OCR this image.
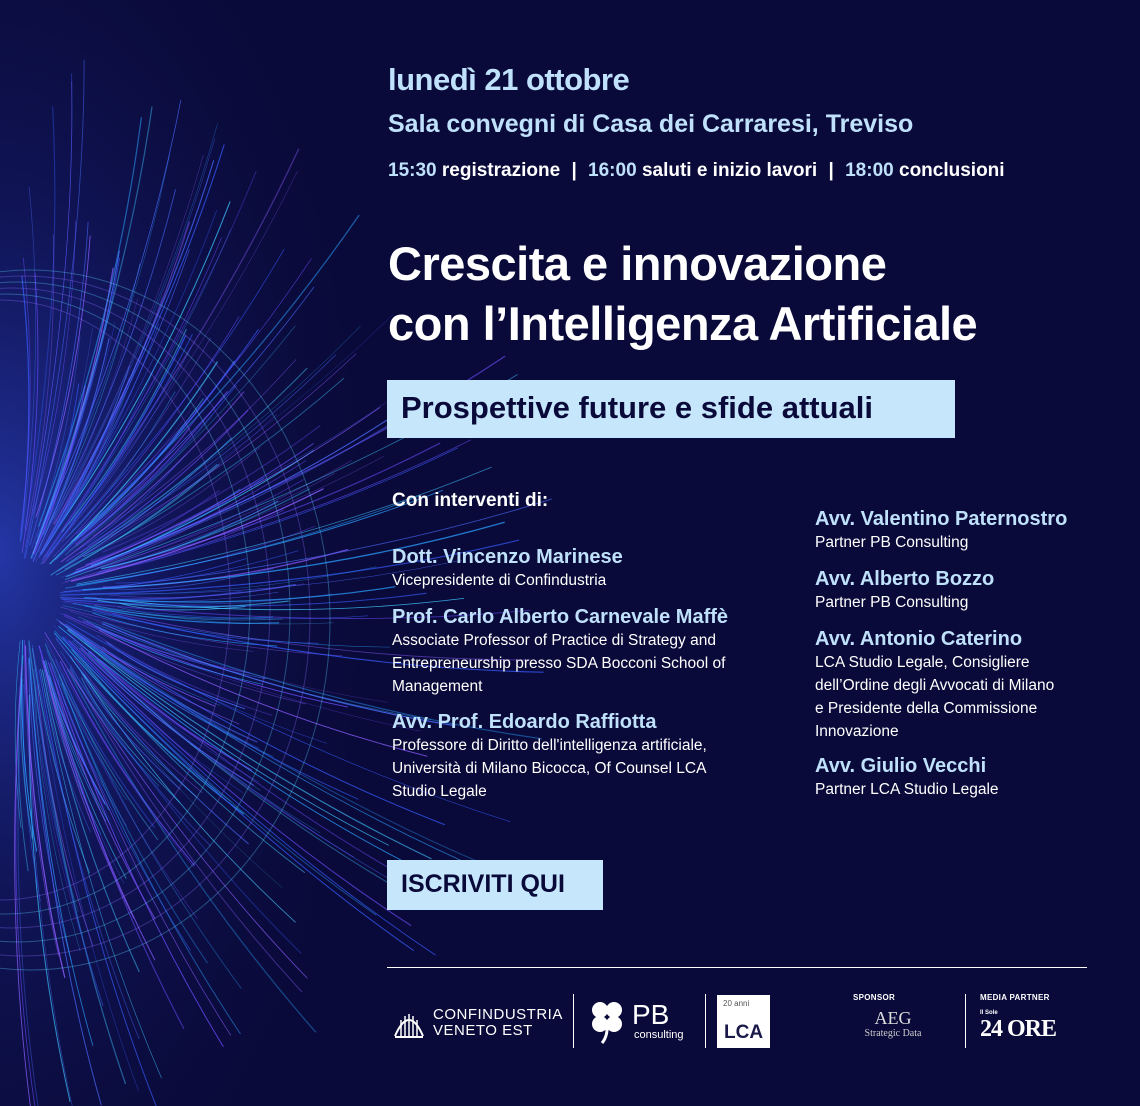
lunedì 21 ottobre
Sala convegni di Casa dei Carraresi, Treviso
15:30 registrazione | 16:00 saluti e inizio lavori | 18:00 conclusioni
Crescita e innovazione
con l’Intelligenza Artificiale
Prospettive future e sfide attuali
Con interventi di:
Dott. Vincenzo Marinese
Vicepresidente di Confindustria
Prof. Carlo Alberto Carnevale Maffè
Associate Professor of Practice di Strategy and
Entrepreneurship presso SDA Bocconi School of
Management
Avv. Prof. Edoardo Raffiotta
Professore di Diritto dell'intelligenza artificiale,
Università di Milano Bicocca, Of Counsel LCA
Studio Legale
Avv. Valentino Paternostro
Partner PB Consulting
Avv. Alberto Bozzo
Partner PB Consulting
Avv. Antonio Caterino
LCA Studio Legale, Consigliere
dell’Ordine degli Avvocati di Milano
e Presidente della Commissione
Innovazione
Avv. Giulio Vecchi
Partner LCA Studio Legale
ISCRIVITI QUI
CONFINDUSTRIA
VENETO EST
PB
consulting
20 anni
LCA
SPONSOR
AEG
Strategic Data
MEDIA PARTNER
Il Sole
24 ORE
